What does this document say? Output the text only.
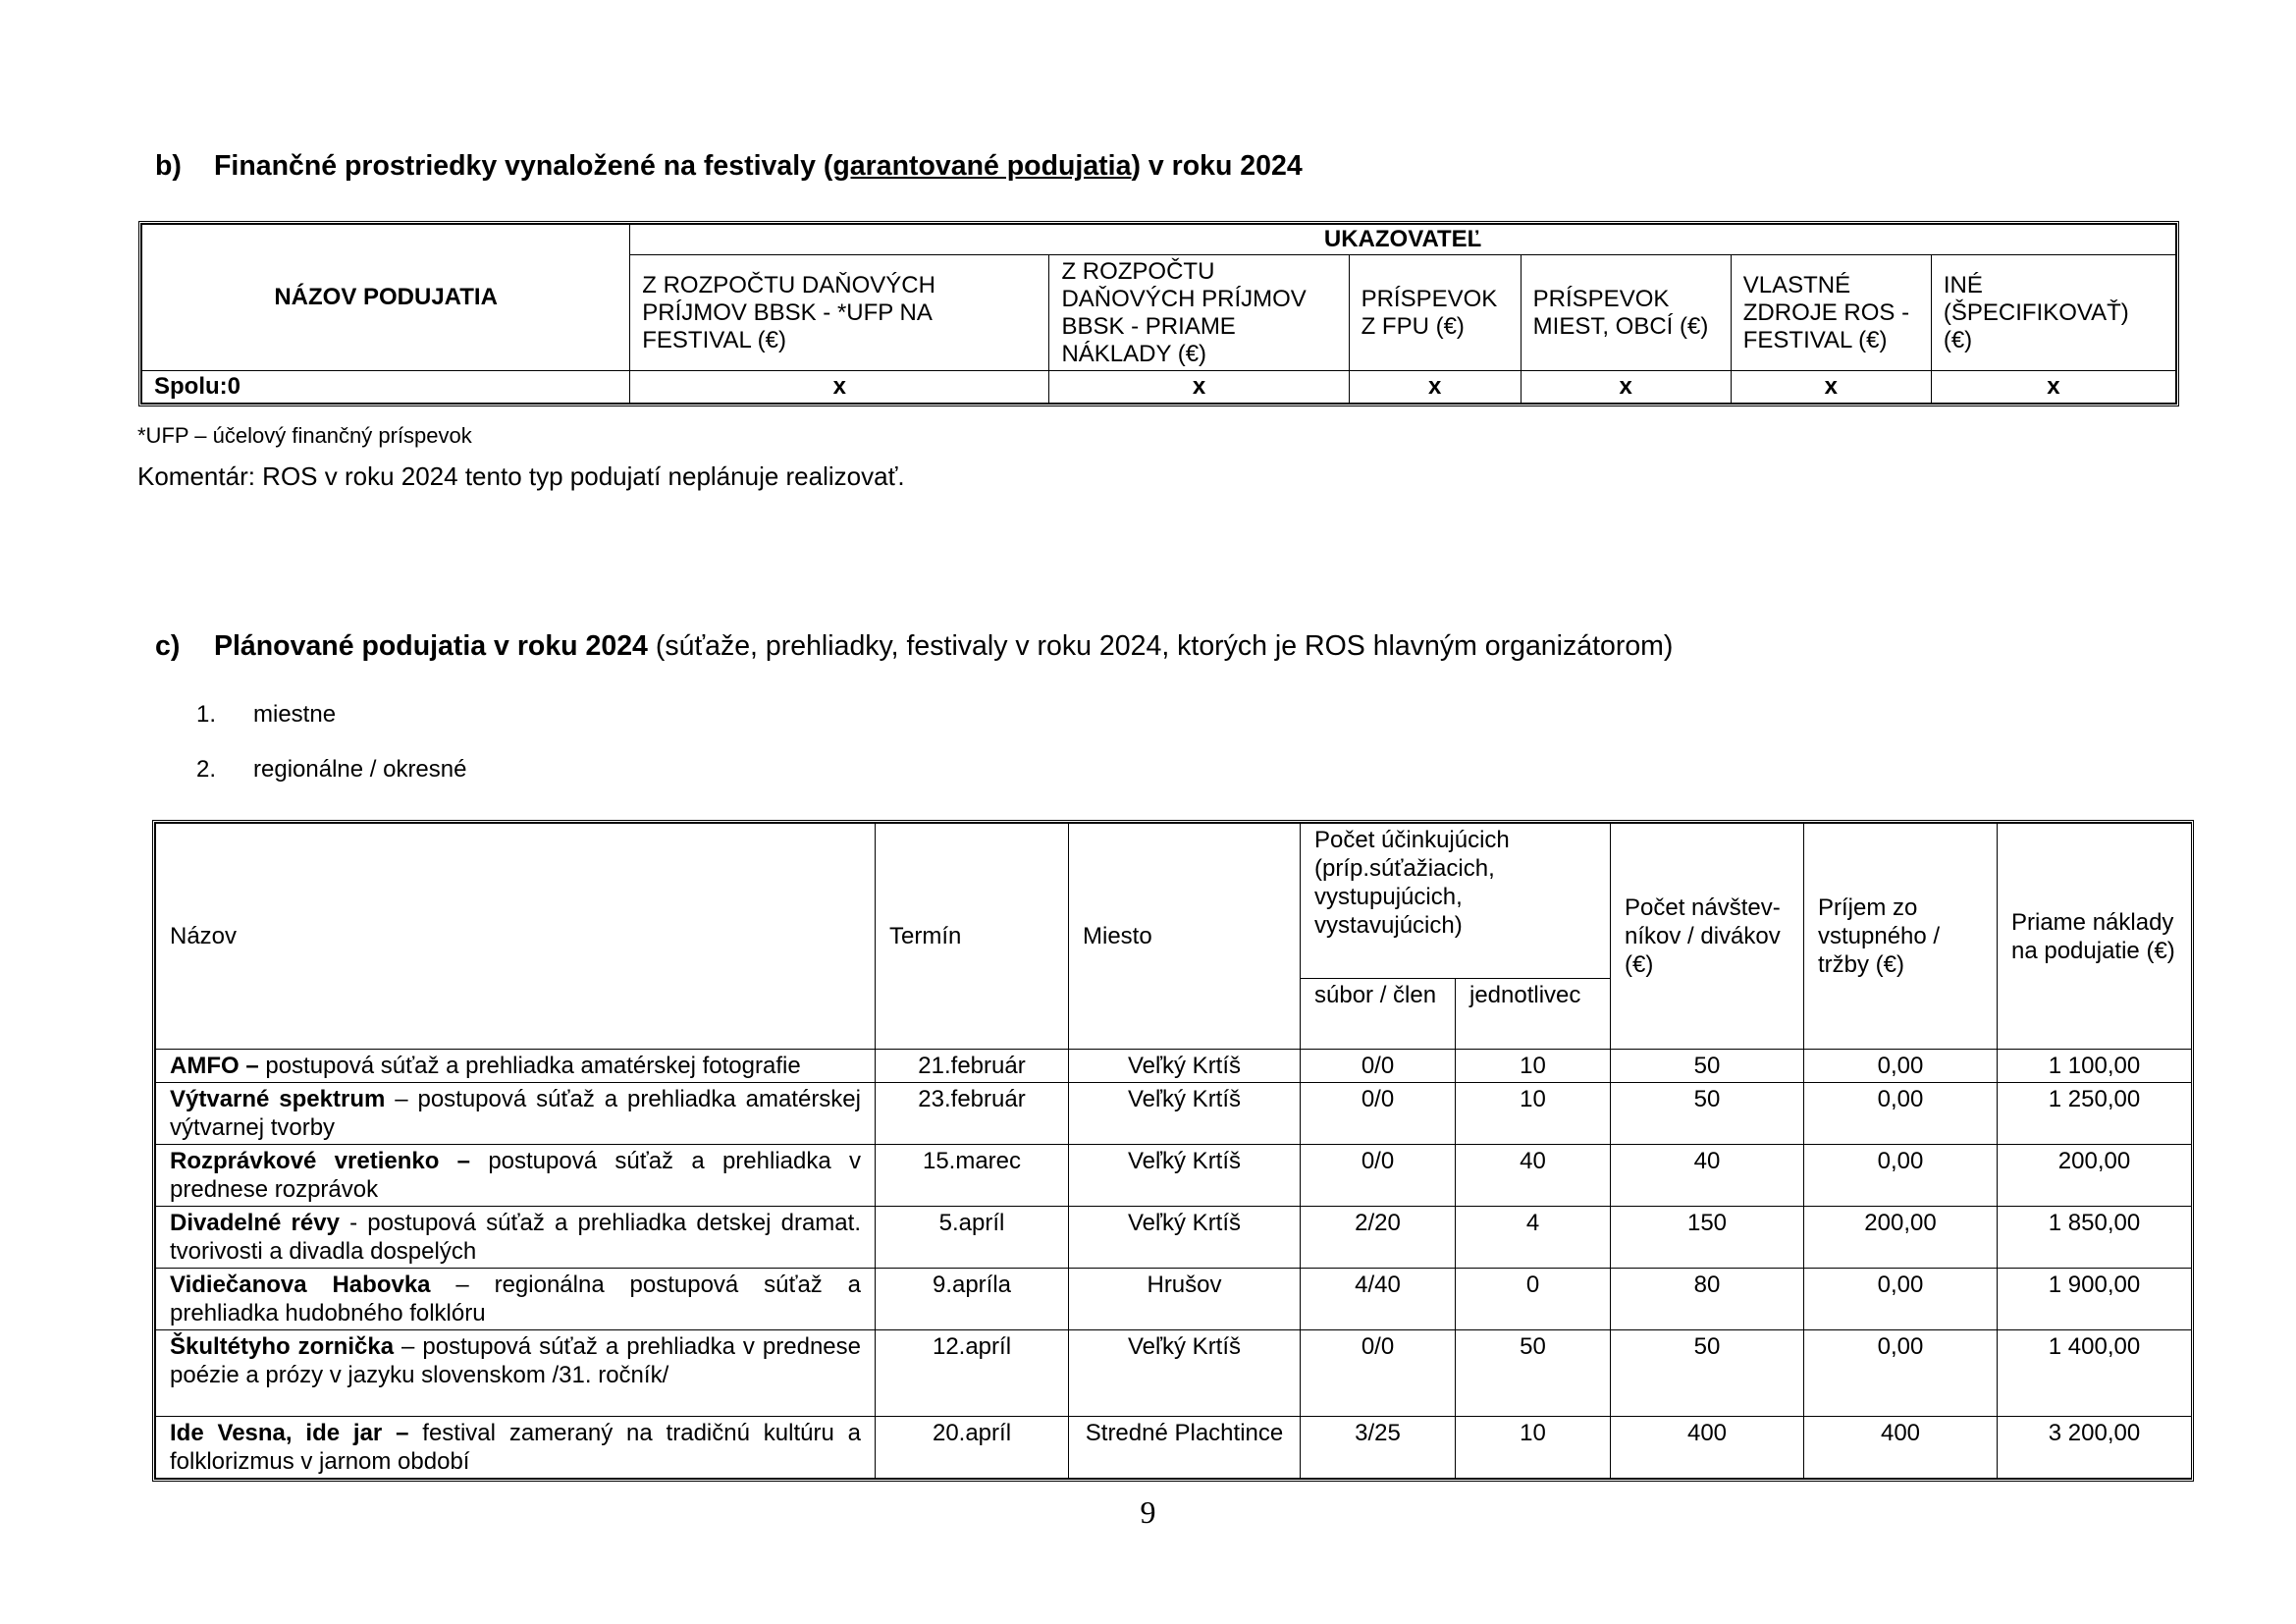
b) Finančné prostriedky vynaložené na festivaly (garantované podujatia) v roku 2024
NÁZOV PODUJATIA	UKAZOVATEĽ					
	Z ROZPOČTU DAŇOVÝCH PRÍJMOV BBSK - *UFP NA FESTIVAL (€)	Z ROZPOČTU DAŇOVÝCH PRÍJMOV BBSK - PRIAME NÁKLADY (€)	PRÍSPEVOK Z FPU (€)	PRÍSPEVOK MIEST, OBCÍ (€)	VLASTNÉ ZDROJE ROS - FESTIVAL (€)	INÉ (ŠPECIFIKOVAŤ) (€)
Spolu:0	x	x	x	x	x	x
*UFP – účelový finančný príspevok
Komentár: ROS v roku 2024 tento typ podujatí neplánuje realizovať.
c) Plánované podujatia v roku 2024 (súťaže, prehliadky, festivaly v roku 2024, ktorých je ROS hlavným organizátorom)
1. miestne
2. regionálne / okresné
Názov	Termín	Miesto	Počet účinkujúcich (príp.súťažiacich, vystupujúcich, vystavujúcich)		Počet návštev-níkov / divákov (€)	Príjem zo vstupného / tržby (€)	Priame náklady na podujatie (€)
			súbor / člen	jednotlivec			
AMFO – postupová súťaž a prehliadka amatérskej fotografie	21.február	Veľký Krtíš	0/0	10	50	0,00	1 100,00
Výtvarné spektrum – postupová súťaž a prehliadka amatérskej výtvarnej tvorby	23.február	Veľký Krtíš	0/0	10	50	0,00	1 250,00
Rozprávkové vretienko – postupová súťaž a prehliadka v prednese rozprávok	15.marec	Veľký Krtíš	0/0	40	40	0,00	200,00
Divadelné révy - postupová súťaž a prehliadka detskej dramat. tvorivosti a divadla dospelých	5.apríl	Veľký Krtíš	2/20	4	150	200,00	1 850,00
Vidiečanova Habovka – regionálna postupová súťaž a prehliadka hudobného folklóru	9.apríla	Hrušov	4/40	0	80	0,00	1 900,00
Škultétyho zornička – postupová súťaž a prehliadka v prednese poézie a prózy v jazyku slovenskom /31. ročník/	12.apríl	Veľký Krtíš	0/0	50	50	0,00	1 400,00
Ide Vesna, ide jar – festival zameraný na tradičnú kultúru a folklorizmus v jarnom období	20.apríl	Stredné Plachtince	3/25	10	400	400	3 200,00
9
